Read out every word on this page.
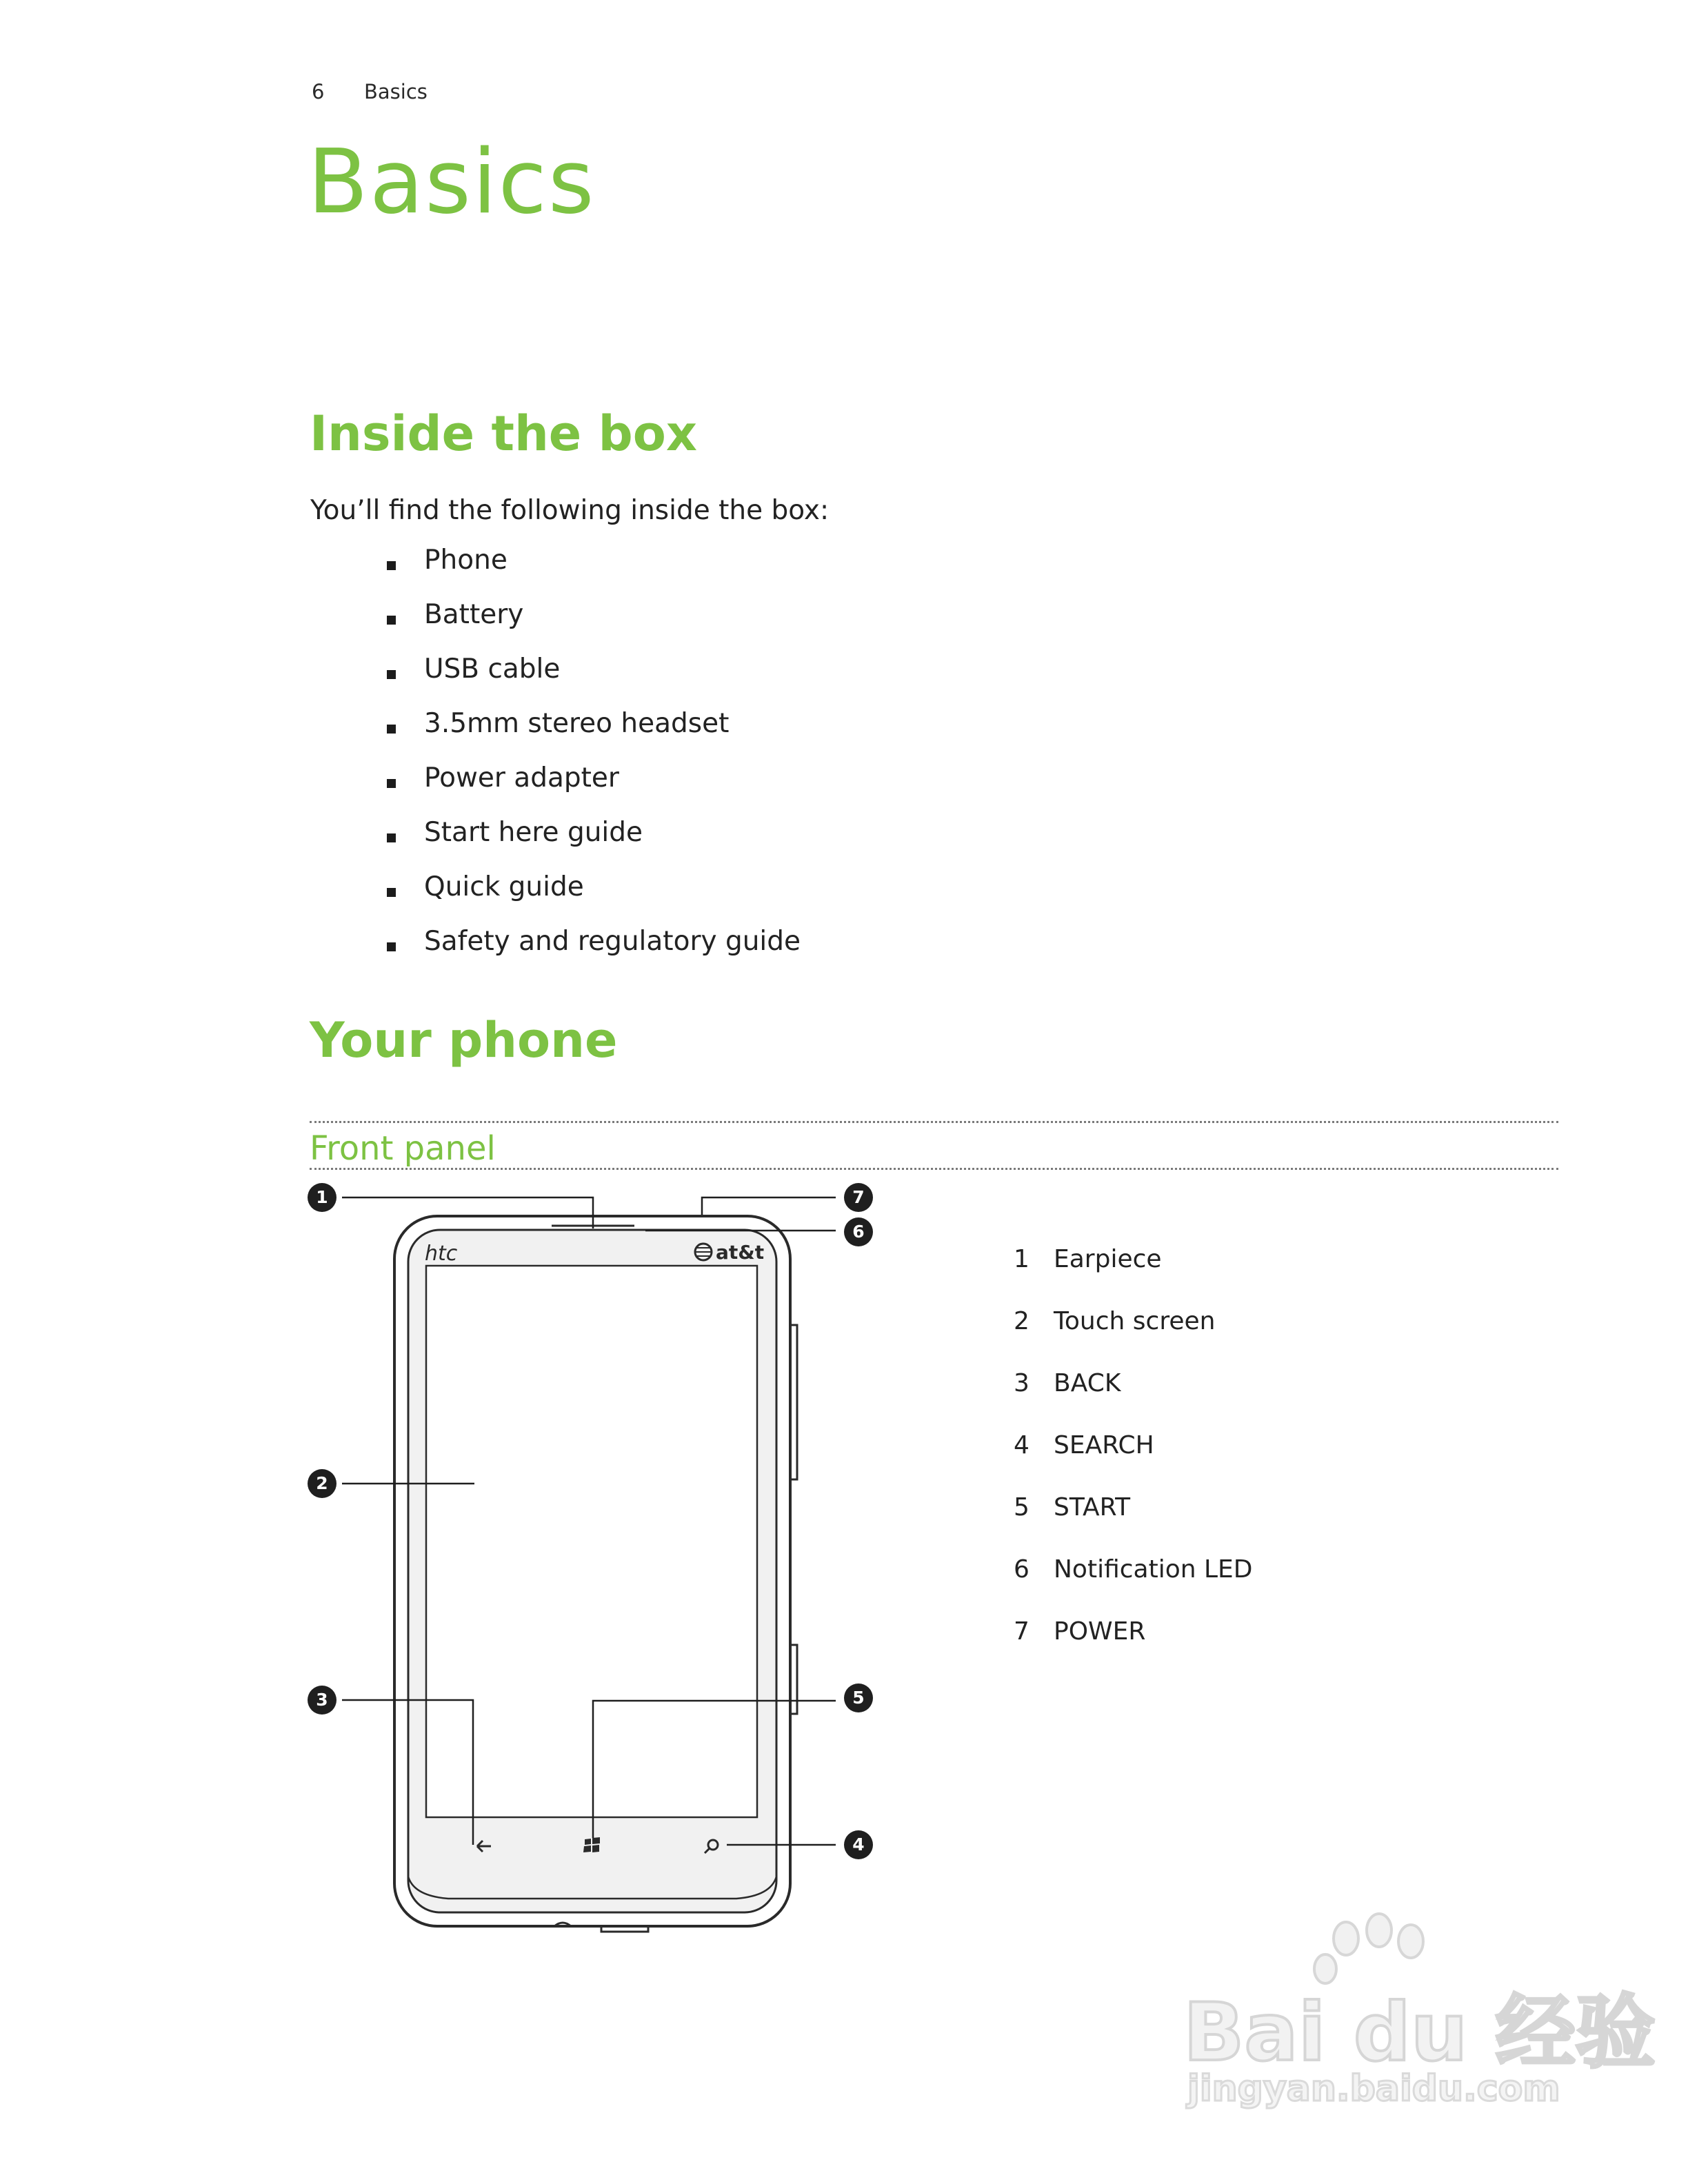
6 Basics
Basics
Inside the box
You’ll find the following inside the box:
Phone
Battery
USB cable
3.5mm stereo headset
Power adapter
Start here guide
Quick guide
Safety and regulatory guide
Your phone
Front panel
htc	at&t
1
2
3
4
5
6
7
1 Earpiece
2 Touch screen
3 BACK
4 SEARCH
5 START
6 Notification LED
7 POWER
Bai du 经验
jingyan.baidu.com
